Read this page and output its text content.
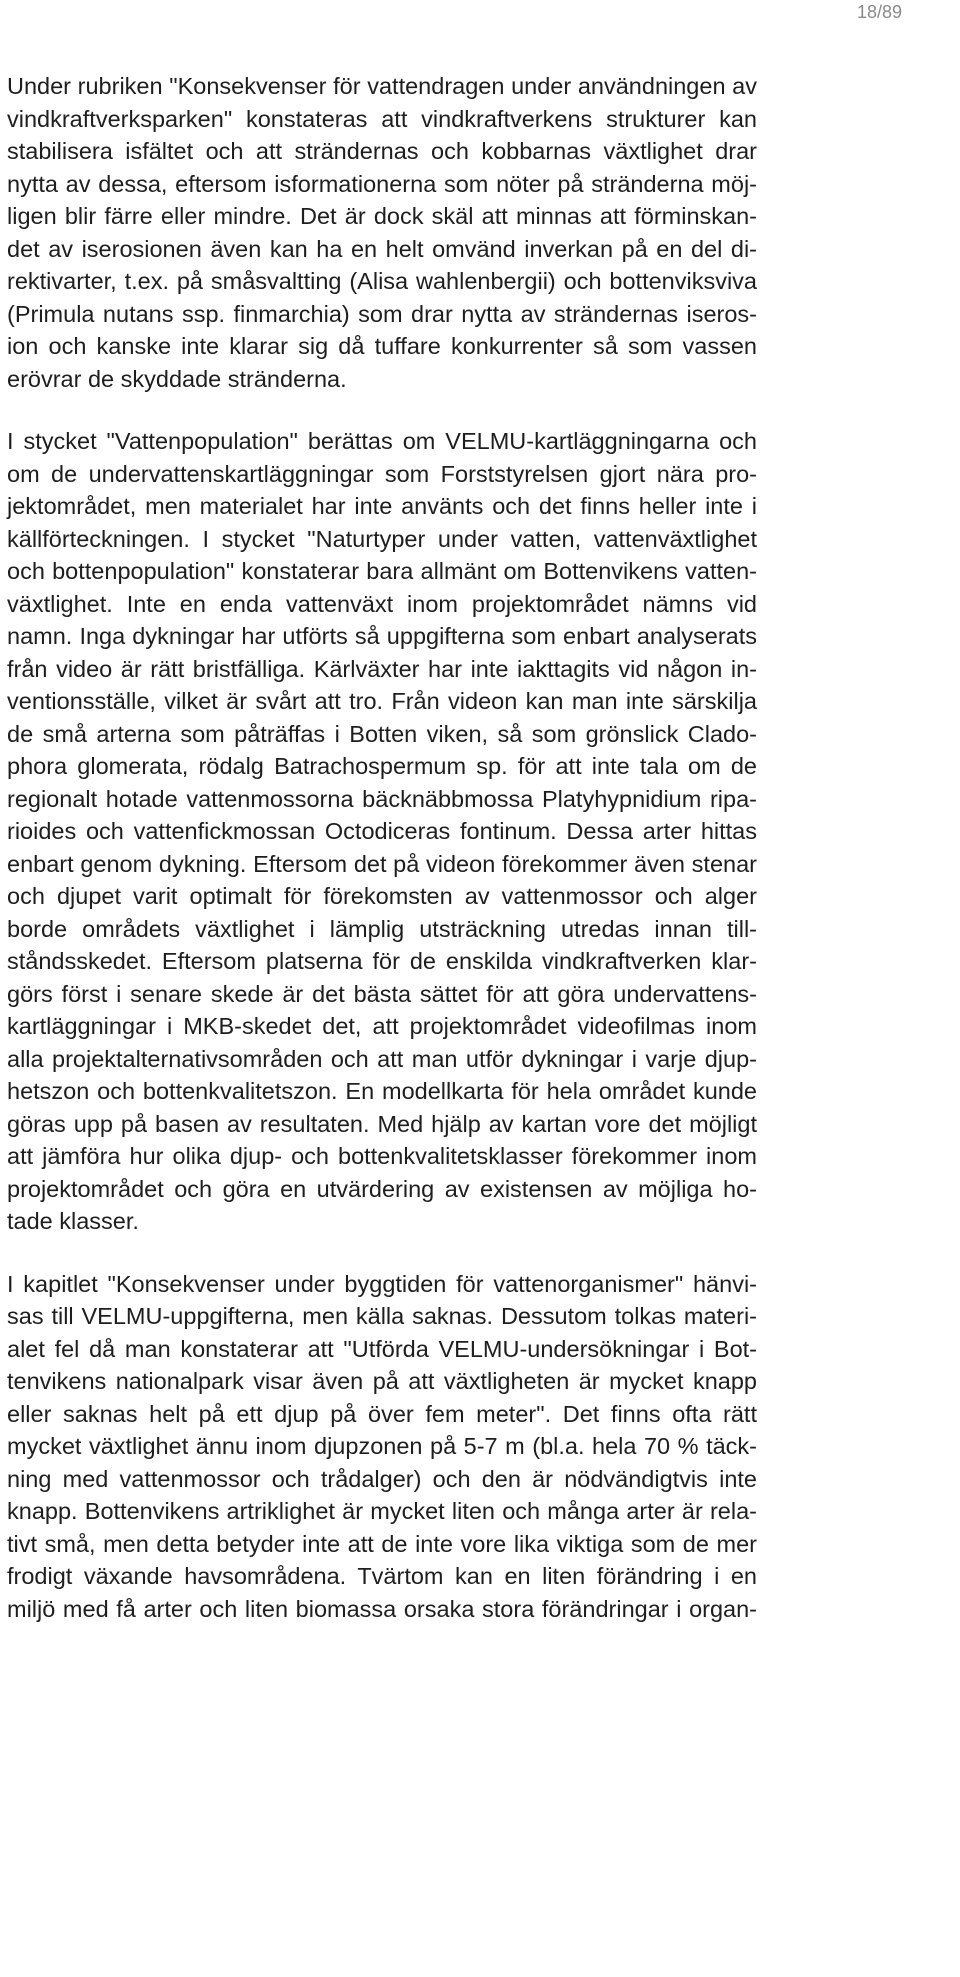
18/89
Under rubriken "Konsekvenser för vattendragen under användningen av
vindkraftverksparken" konstateras att vindkraftverkens strukturer kan
stabilisera isfältet och att strändernas och kobbarnas växtlighet drar
nytta av dessa, eftersom isformationerna som nöter på stränderna möj-
ligen blir färre eller mindre. Det är dock skäl att minnas att förminskan-
det av iserosionen även kan ha en helt omvänd inverkan på en del di-
rektivarter, t.ex. på småsvaltting (Alisa wahlenbergii) och bottenviksviva
(Primula nutans ssp. finmarchia) som drar nytta av strändernas iseros-
ion och kanske inte klarar sig då tuffare konkurrenter så som vassen
erövrar de skyddade stränderna.
I stycket "Vattenpopulation" berättas om VELMU-kartläggningarna och
om de undervattenskartläggningar som Forststyrelsen gjort nära pro-
jektområdet, men materialet har inte använts och det finns heller inte i
källförteckningen. I stycket "Naturtyper under vatten, vattenväxtlighet
och bottenpopulation" konstaterar bara allmänt om Bottenvikens vatten-
växtlighet. Inte en enda vattenväxt inom projektområdet nämns vid
namn. Inga dykningar har utförts så uppgifterna som enbart analyserats
från video är rätt bristfälliga. Kärlväxter har inte iakttagits vid någon in-
ventionsställe, vilket är svårt att tro. Från videon kan man inte särskilja
de små arterna som påträffas i Botten viken, så som grönslick Clado-
phora glomerata, rödalg Batrachospermum sp. för att inte tala om de
regionalt hotade vattenmossorna bäcknäbbmossa Platyhypnidium ripa-
rioides och vattenfickmossan Octodiceras fontinum. Dessa arter hittas
enbart genom dykning. Eftersom det på videon förekommer även stenar
och djupet varit optimalt för förekomsten av vattenmossor och alger
borde områdets växtlighet i lämplig utsträckning utredas innan till-
ståndsskedet. Eftersom platserna för de enskilda vindkraftverken klar-
görs först i senare skede är det bästa sättet för att göra undervattens-
kartläggningar i MKB-skedet det, att projektområdet videofilmas inom
alla projektalternativsområden och att man utför dykningar i varje djup-
hetszon och bottenkvalitetszon. En modellkarta för hela området kunde
göras upp på basen av resultaten. Med hjälp av kartan vore det möjligt
att jämföra hur olika djup- och bottenkvalitetsklasser förekommer inom
projektområdet och göra en utvärdering av existensen av möjliga ho-
tade klasser.
I kapitlet "Konsekvenser under byggtiden för vattenorganismer" hänvi-
sas till VELMU-uppgifterna, men källa saknas. Dessutom tolkas materi-
alet fel då man konstaterar att "Utförda VELMU-undersökningar i Bot-
tenvikens nationalpark visar även på att växtligheten är mycket knapp
eller saknas helt på ett djup på över fem meter". Det finns ofta rätt
mycket växtlighet ännu inom djupzonen på 5-7 m (bl.a. hela 70 % täck-
ning med vattenmossor och trådalger) och den är nödvändigtvis inte
knapp. Bottenvikens artriklighet är mycket liten och många arter är rela-
tivt små, men detta betyder inte att de inte vore lika viktiga som de mer
frodigt växande havsområdena. Tvärtom kan en liten förändring i en
miljö med få arter och liten biomassa orsaka stora förändringar i organ-
